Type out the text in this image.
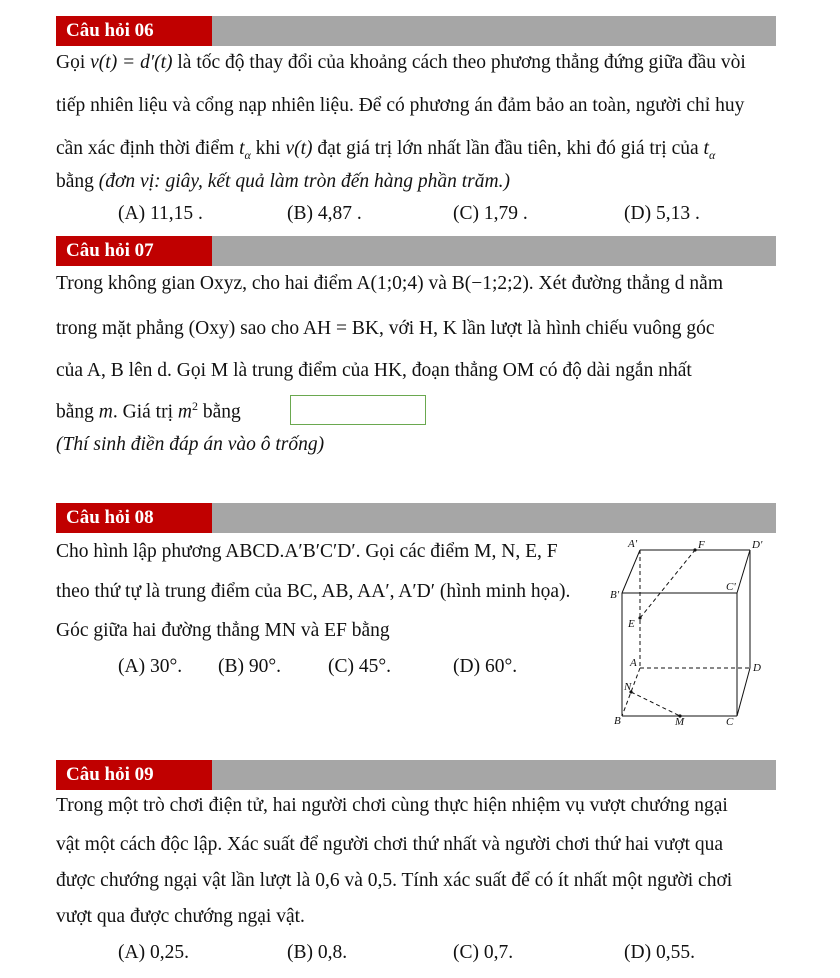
Câu hỏi 06
Gọi v(t) = d′(t) là tốc độ thay đổi của khoảng cách theo phương thẳng đứng giữa đầu vòi
tiếp nhiên liệu và cổng nạp nhiên liệu. Để có phương án đảm bảo an toàn, người chỉ huy
cần xác định thời điểm $t_\alpha$ khi v(t) đạt giá trị lớn nhất lần đầu tiên, khi đó giá trị của $t_\alpha$
bằng (đơn vị: giây, kết quả làm tròn đến hàng phần trăm.)
(A) 11,15 .	(B) 4,87 .	(C) 1,79 .	(D) 5,13 .
Câu hỏi 07
Trong không gian Oxyz, cho hai điểm A(1;0;4) và B(−1;2;2). Xét đường thẳng d nằm
trong mặt phẳng (Oxy) sao cho AH = BK, với H, K lần lượt là hình chiếu vuông góc
của A, B lên d. Gọi M là trung điểm của HK, đoạn thẳng OM có độ dài ngắn nhất
bằng m. Giá trị $m^2$ bằng
(Thí sinh điền đáp án vào ô trống)
Câu hỏi 08
Cho hình lập phương ABCD.A′B′C′D′. Gọi các điểm M, N, E, F
theo thứ tự là trung điểm của BC, AB, AA′, A′D′ (hình minh họa).
Góc giữa hai đường thẳng MN và EF bằng
(A) 30°. (B) 90°. (C) 45°.	(D) 60°.
A'	F	D'
B'
C'
E
A	D
N
B	M	C
Câu hỏi 09
Trong một trò chơi điện tử, hai người chơi cùng thực hiện nhiệm vụ vượt chướng ngại
vật một cách độc lập. Xác suất để người chơi thứ nhất và người chơi thứ hai vượt qua
được chướng ngại vật lần lượt là 0,6 và 0,5. Tính xác suất để có ít nhất một người chơi
vượt qua được chướng ngại vật.
(A) 0,25.	(B) 0,8.	(C) 0,7.	(D) 0,55.
